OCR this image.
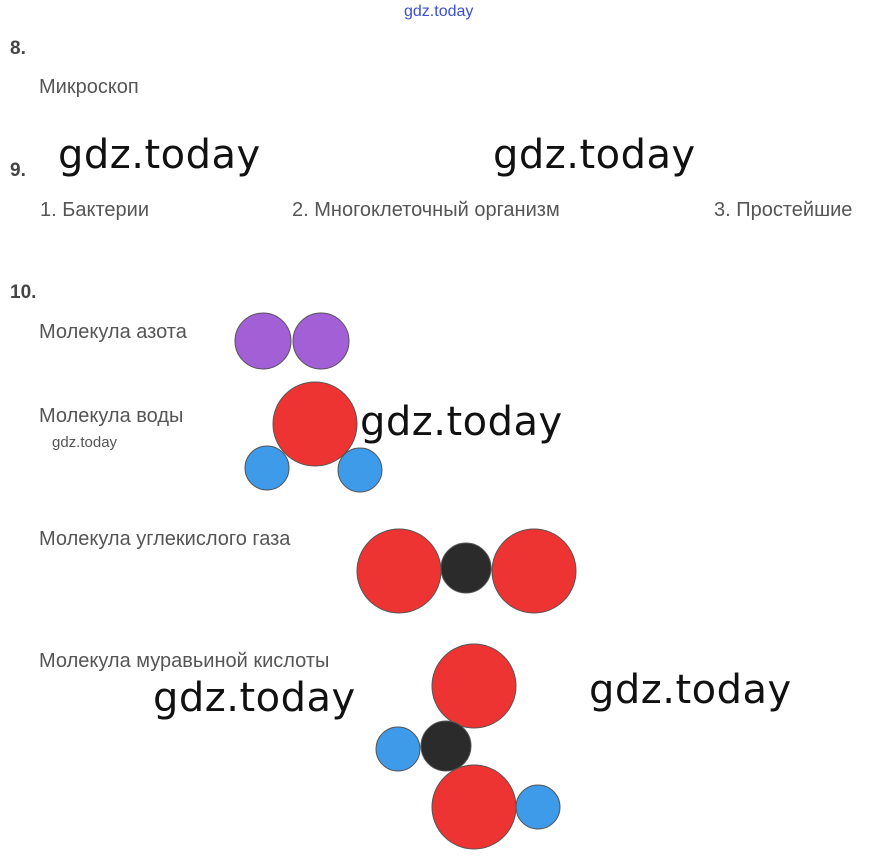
gdz.today
8.
Микроскоп
9. gdz.today	gdz.today
1. Бактерии	2. Многоклеточный организм	3. Простейшие
10.
Молекула азота
Молекула воды
gdz.today	gdz.today
Молекула углекислого газа
Молекула муравьиной кислоты
gdz.today	gdz.today
